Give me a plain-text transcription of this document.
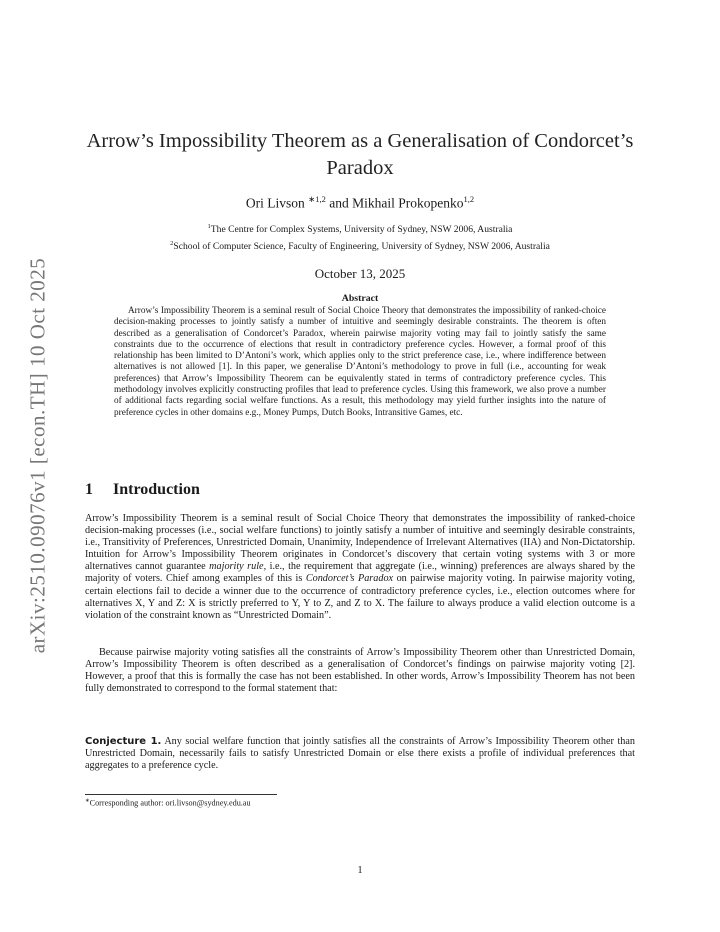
arXiv:2510.09076v1 [econ.TH] 10 Oct 2025
Arrow’s Impossibility Theorem as a Generalisation of Condorcet’s
Paradox
Ori Livson $^{∗1,2}$ and Mikhail Prokopenko$^{1,2}$
$^1$The Centre for Complex Systems, University of Sydney, NSW 2006, Australia
$^2$School of Computer Science, Faculty of Engineering, University of Sydney, NSW 2006, Australia
October 13, 2025
Abstract

Arrow’s Impossibility Theorem is a seminal result of Social Choice Theory that demonstrates the impossibility of ranked-choice decision-making processes to jointly satisfy a number of intuitive and seemingly desirable constraints. The theorem is often described as a generalisation of Condorcet’s Paradox, wherein pairwise majority voting may fail to jointly satisfy the same constraints due to the occurrence of elections that result in contradictory preference cycles. However, a formal proof of this relationship has been limited to D’Antoni’s work, which applies only to the strict preference case, i.e., where indifference between alternatives is not allowed [1]. In this paper, we generalise D’Antoni’s methodology to prove in full (i.e., accounting for weak preferences) that Arrow’s Impossibility Theorem can be equivalently stated in terms of contradictory preference cycles. This methodology involves explicitly constructing profiles that lead to preference cycles. Using this framework, we also prove a number of additional facts regarding social welfare functions. As a result, this methodology may yield further insights into the nature of preference cycles in other domains e.g., Money Pumps, Dutch Books, Intransitive Games, etc.

1 Introduction

Arrow’s Impossibility Theorem is a seminal result of Social Choice Theory that demonstrates the impossibility of ranked-choice decision-making processes (i.e., social welfare functions) to jointly satisfy a number of intuitive and seemingly desirable constraints, i.e., Transitivity of Preferences, Unrestricted Domain, Unanimity, Independence of Irrelevant Alternatives (IIA) and Non-Dictatorship. Intuition for Arrow’s Impossibility Theorem originates in Condorcet’s discovery that certain voting systems with 3 or more alternatives cannot guarantee majority rule, i.e., the requirement that aggregate (i.e., winning) preferences are always shared by the majority of voters. Chief among examples of this is Condorcet’s Paradox on pairwise majority voting. In pairwise majority voting, certain elections fail to decide a winner due to the occurrence of contradictory preference cycles, i.e., election outcomes where for alternatives X, Y and Z: X is strictly preferred to Y, Y to Z, and Z to X. The failure to always produce a valid election outcome is a violation of the constraint known as “Unrestricted Domain”.

Because pairwise majority voting satisfies all the constraints of Arrow’s Impossibility Theorem other than Unrestricted Domain, Arrow’s Impossibility Theorem is often described as a generalisation of Condorcet’s findings on pairwise majority voting [2]. However, a proof that this is formally the case has not been established. In other words, Arrow’s Impossibility Theorem has not been fully demonstrated to correspond to the formal statement that:

Conjecture 1. Any social welfare function that jointly satisfies all the constraints of Arrow’s Impossibility Theorem other than Unrestricted Domain, necessarily fails to satisfy Unrestricted Domain or else there exists a profile of individual preferences that aggregates to a preference cycle.

∗Corresponding author: ori.livson@sydney.edu.au
1
